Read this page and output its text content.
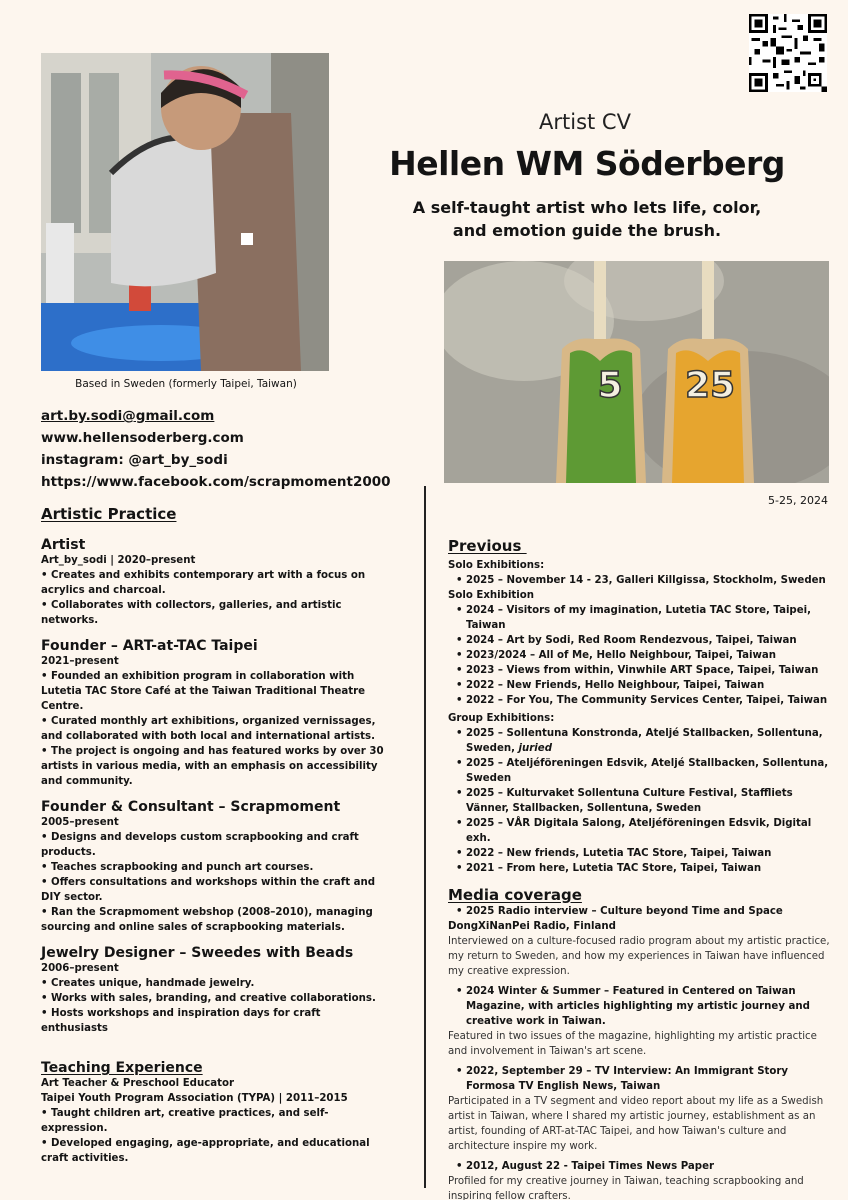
Based in Sweden (formerly Taipei, Taiwan)
Artist CV
Hellen WM Söderberg
A self-taught artist who lets life, color, and emotion guide the brush.
5 25
5-25, 2024
art.by.sodi@gmail.com
www.hellensoderberg.com
instagram: @art_by_sodi
https://www.facebook.com/scrapmoment2000
Artistic Practice
Artist
Art_by_sodi | 2020–present
• Creates and exhibits contemporary art with a focus on acrylics and charcoal.
• Collaborates with collectors, galleries, and artistic networks.
Founder – ART-at-TAC Taipei
2021–present
• Founded an exhibition program in collaboration with Lutetia TAC Store Café at the Taiwan Traditional Theatre Centre.
• Curated monthly art exhibitions, organized vernissages, and collaborated with both local and international artists.
• The project is ongoing and has featured works by over 30 artists in various media, with an emphasis on accessibility and community.
Founder & Consultant – Scrapmoment
2005–present
• Designs and develops custom scrapbooking and craft products.
• Teaches scrapbooking and punch art courses.
• Offers consultations and workshops within the craft and DIY sector.
• Ran the Scrapmoment webshop (2008–2010), managing sourcing and online sales of scrapbooking materials.
Jewelry Designer – Sweedes with Beads
2006–present
• Creates unique, handmade jewelry.
• Works with sales, branding, and creative collaborations.
• Hosts workshops and inspiration days for craft enthusiasts
Teaching Experience
Art Teacher & Preschool Educator
Taipei Youth Program Association (TYPA) | 2011–2015
• Taught children art, creative practices, and self-expression.
• Developed engaging, age-appropriate, and educational craft activities.
Previous
Solo Exhibitions:
• 2025 – November 14 - 23, Galleri Killgissa, Stockholm, Sweden
Solo Exhibition
• 2024 – Visitors of my imagination, Lutetia TAC Store, Taipei, Taiwan
• 2024 – Art by Sodi, Red Room Rendezvous, Taipei, Taiwan
• 2023/2024 – All of Me, Hello Neighbour, Taipei, Taiwan
• 2023 – Views from within, Vinwhile ART Space, Taipei, Taiwan
• 2022 – New Friends, Hello Neighbour, Taipei, Taiwan
• 2022 – For You, The Community Services Center, Taipei, Taiwan
Group Exhibitions:
• 2025 – Sollentuna Konstronda, Ateljé Stallbacken, Sollentuna, Sweden, juried
• 2025 – Ateljéföreningen Edsvik, Ateljé Stallbacken, Sollentuna, Sweden
• 2025 – Kulturvaket Sollentuna Culture Festival, Staffliets Vänner, Stallbacken, Sollentuna, Sweden
• 2025 – VÅR Digitala Salong, Ateljéföreningen Edsvik, Digital exh.
• 2022 – New friends, Lutetia TAC Store, Taipei, Taiwan
• 2021 – From here, Lutetia TAC Store, Taipei, Taiwan
Media coverage
• 2025 Radio interview – Culture beyond Time and Space
DongXiNanPei Radio, Finland
Interviewed on a culture-focused radio program about my artistic practice, my return to Sweden, and how my experiences in Taiwan have influenced my creative expression.
• 2024 Winter & Summer – Featured in Centered on Taiwan Magazine, with articles highlighting my artistic journey and creative work in Taiwan.
Featured in two issues of the magazine, highlighting my artistic practice and involvement in Taiwan's art scene.
• 2022, September 29 – TV Interview: An Immigrant Story Formosa TV English News, Taiwan
Participated in a TV segment and video report about my life as a Swedish artist in Taiwan, where I shared my artistic journey, establishment as an artist, founding of ART-at-TAC Taipei, and how Taiwan's culture and architecture inspire my work.
• 2012, August 22 - Taipei Times News Paper
Profiled for my creative journey in Taiwan, teaching scrapbooking and inspiring fellow crafters.
